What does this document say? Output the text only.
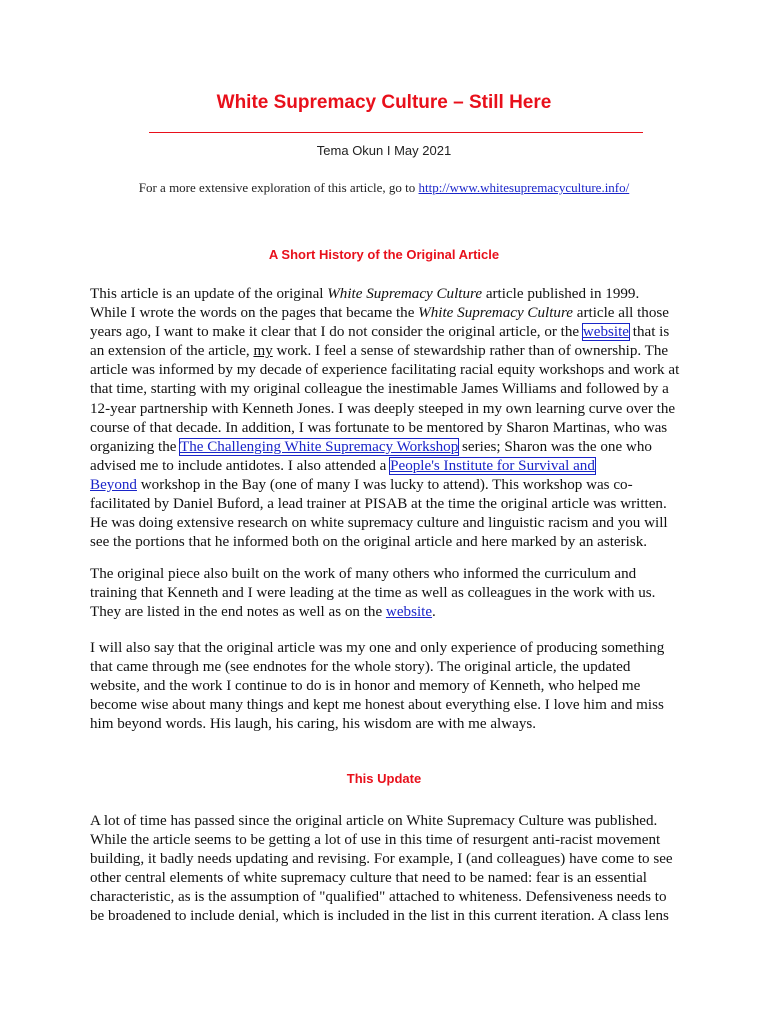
White Supremacy Culture – Still Here
Tema Okun I May 2021
For a more extensive exploration of this article, go to http://www.whitesupremacyculture.info/
A Short History of the Original Article
This article is an update of the original White Supremacy Culture article published in 1999.
While I wrote the words on the pages that became the White Supremacy Culture article all those
years ago, I want to make it clear that I do not consider the original article, or the website that is
an extension of the article, my work. I feel a sense of stewardship rather than of ownership. The
article was informed by my decade of experience facilitating racial equity workshops and work at
that time, starting with my original colleague the inestimable James Williams and followed by a
12-year partnership with Kenneth Jones. I was deeply steeped in my own learning curve over the
course of that decade. In addition, I was fortunate to be mentored by Sharon Martinas, who was
organizing the The Challenging White Supremacy Workshop series; Sharon was the one who
advised me to include antidotes. I also attended a People's Institute for Survival and
Beyond workshop in the Bay (one of many I was lucky to attend). This workshop was co-
facilitated by Daniel Buford, a lead trainer at PISAB at the time the original article was written.
He was doing extensive research on white supremacy culture and linguistic racism and you will
see the portions that he informed both on the original article and here marked by an asterisk.
The original piece also built on the work of many others who informed the curriculum and
training that Kenneth and I were leading at the time as well as colleagues in the work with us.
They are listed in the end notes as well as on the website.
I will also say that the original article was my one and only experience of producing something
that came through me (see endnotes for the whole story). The original article, the updated
website, and the work I continue to do is in honor and memory of Kenneth, who helped me
become wise about many things and kept me honest about everything else. I love him and miss
him beyond words. His laugh, his caring, his wisdom are with me always.
This Update
A lot of time has passed since the original article on White Supremacy Culture was published.
While the article seems to be getting a lot of use in this time of resurgent anti-racist movement
building, it badly needs updating and revising. For example, I (and colleagues) have come to see
other central elements of white supremacy culture that need to be named: fear is an essential
characteristic, as is the assumption of "qualified" attached to whiteness. Defensiveness needs to
be broadened to include denial, which is included in the list in this current iteration. A class lens
